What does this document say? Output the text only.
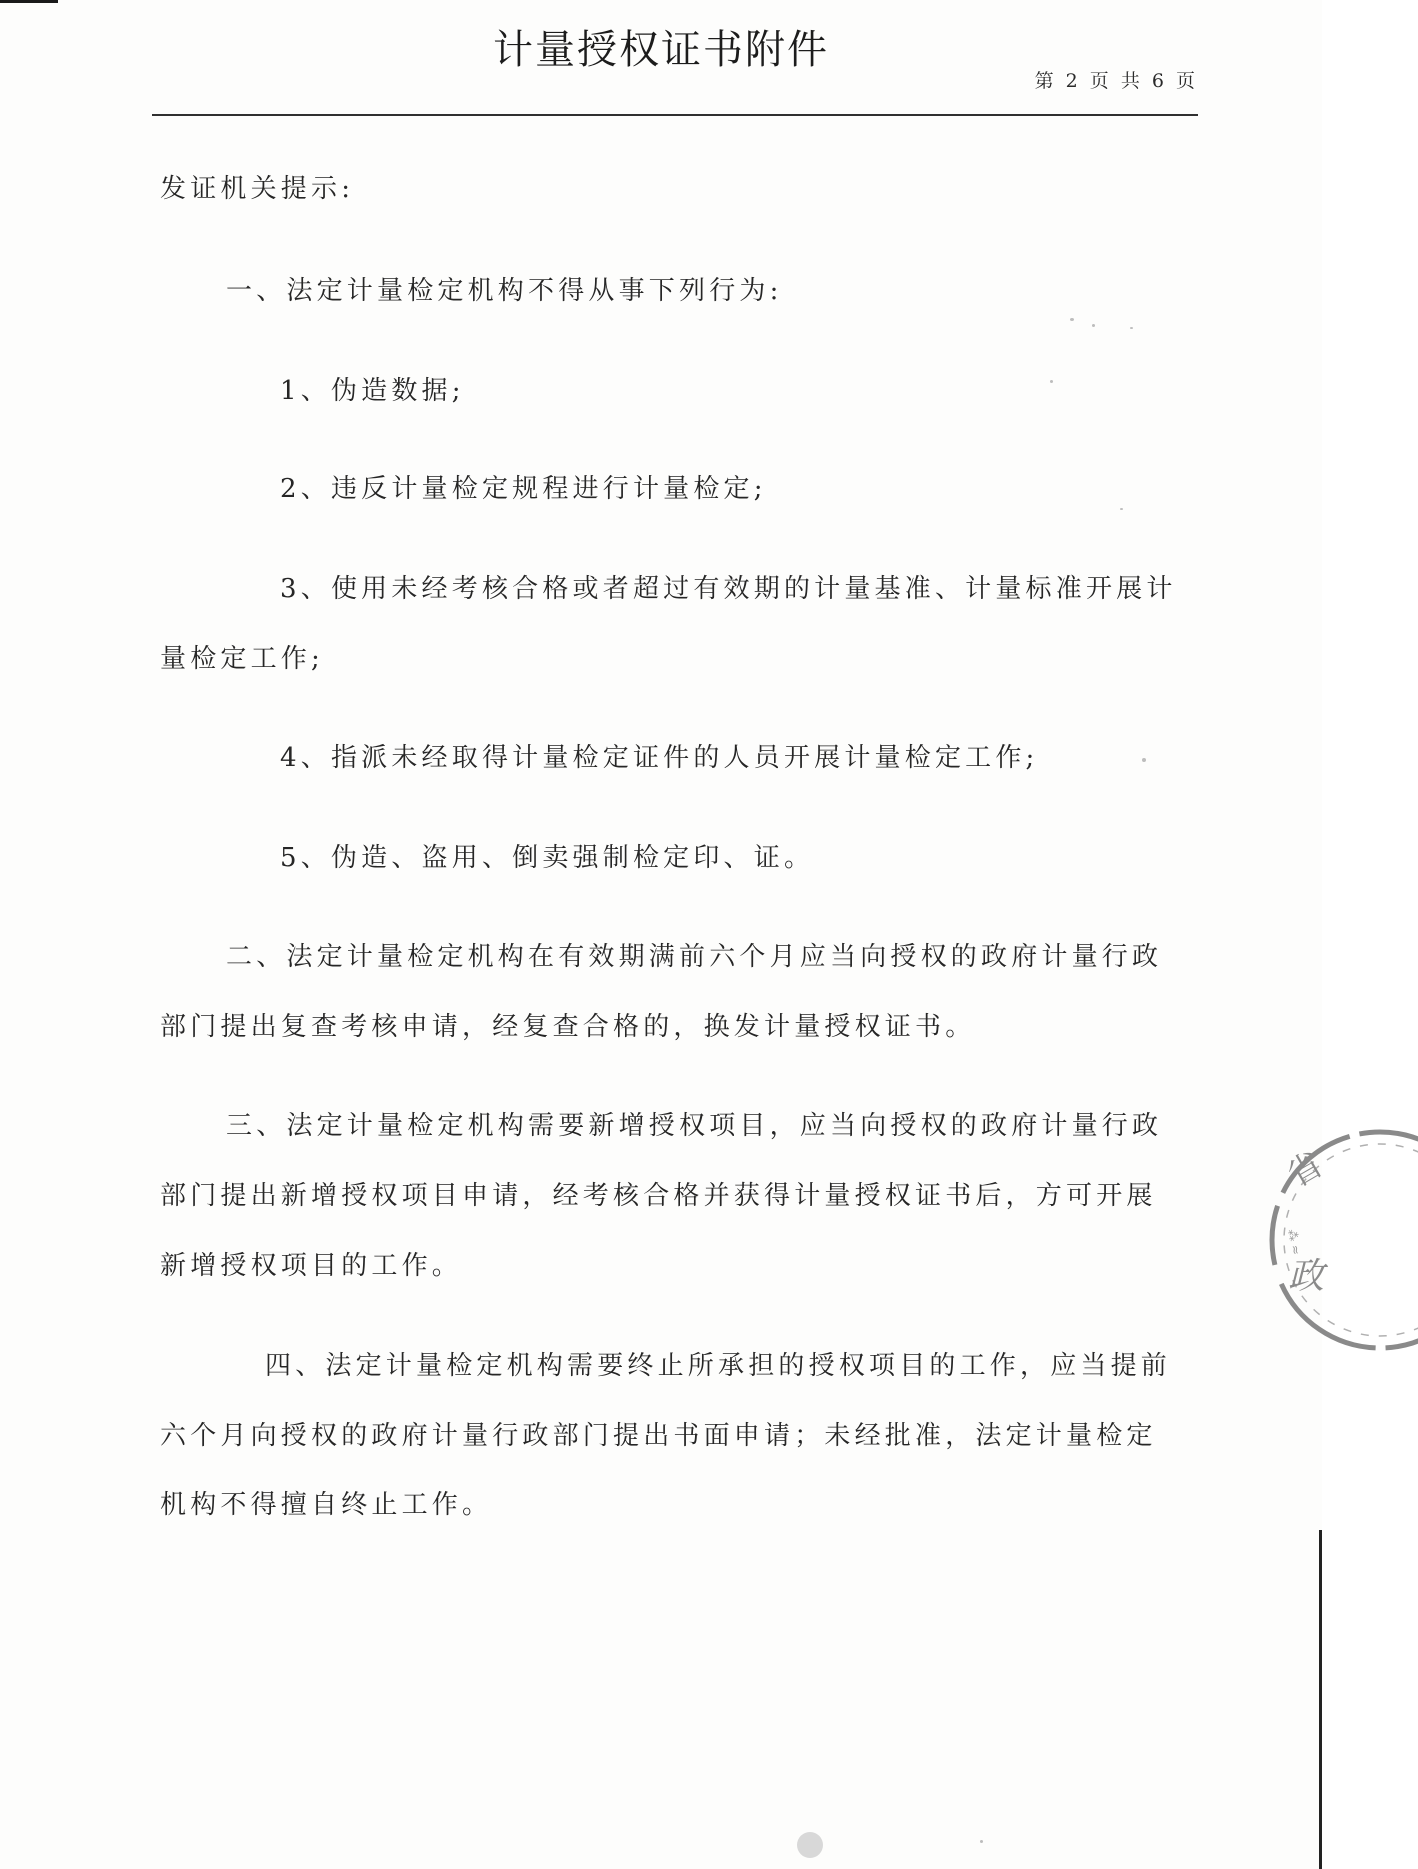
计量授权证书附件
第 2 页 共 6 页
发证机关提示:
一、法定计量检定机构不得从事下列行为:
1、伪造数据;
2、违反计量检定规程进行计量检定;
3、使用未经考核合格或者超过有效期的计量基准、计量标准开展计
量检定工作;
4、指派未经取得计量检定证件的人员开展计量检定工作;
5、伪造、盗用、倒卖强制检定印、证。
二、法定计量检定机构在有效期满前六个月应当向授权的政府计量行政
部门提出复查考核申请，经复查合格的，换发计量授权证书。
三、法定计量检定机构需要新增授权项目，应当向授权的政府计量行政
部门提出新增授权项目申请，经考核合格并获得计量授权证书后，方可开展
新增授权项目的工作。
四、法定计量检定机构需要终止所承担的授权项目的工作，应当提前
六个月向授权的政府计量行政部门提出书面申请；未经批准，法定计量检定
机构不得擅自终止工作。
省
政
⁂ ≈
